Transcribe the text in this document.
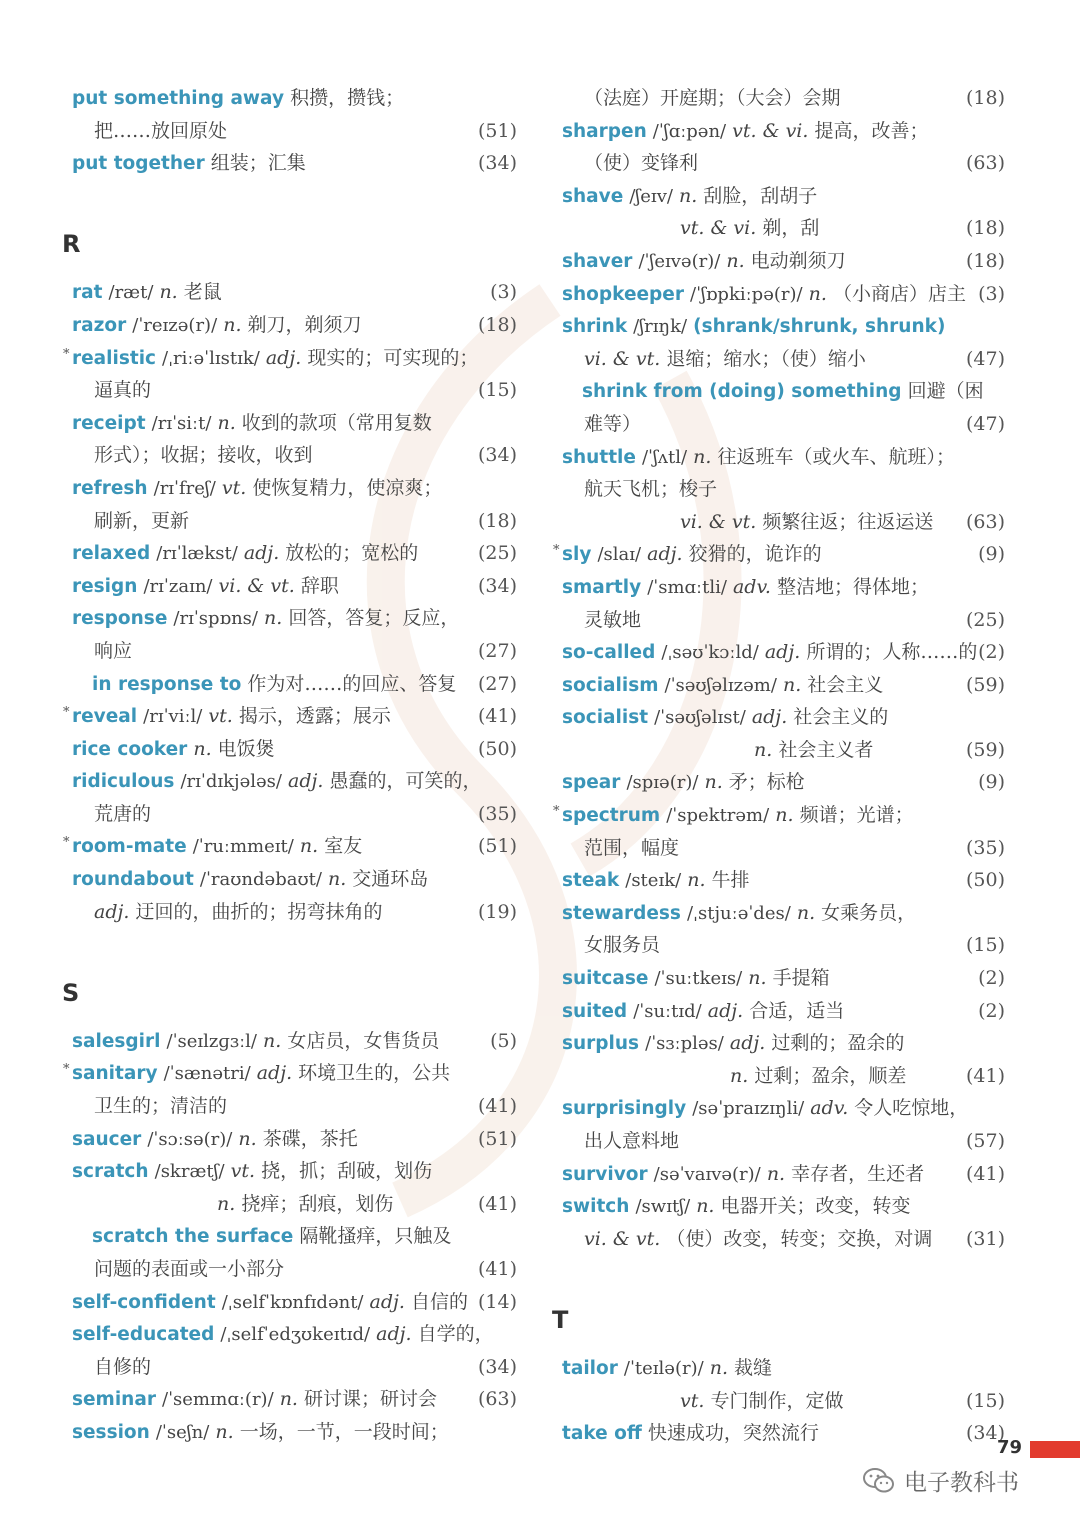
put something away 积攒，攒钱；
把……放回原处	(51)
put together 组装；汇集	(34)
R
rat /ræt/ n. 老鼠	(3)
razor /ˈreɪzə(r)/ n. 剃刀，剃须刀	(18)
realistic /ˌriːəˈlɪstɪk/ adj. 现实的；可实现的；
*
逼真的	(15)
receipt /rɪˈsiːt/ n. 收到的款项（常用复数
形式）；收据；接收，收到	(34)
refresh /rɪˈfreʃ/ vt. 使恢复精力，使凉爽；
刷新，更新	(18)
relaxed /rɪˈlækst/ adj. 放松的；宽松的	(25)
resign /rɪˈzaɪn/ vi. & vt. 辞职	(34)
response /rɪˈspɒns/ n. 回答，答复；反应，
响应	(27)
in response to 作为对……的回应、答复 (27)
reveal /rɪˈviːl/ vt. 揭示，透露；展示
*	(41)
rice cooker n. 电饭煲	(50)
ridiculous /rɪˈdɪkjələs/ adj. 愚蠢的，可笑的，
荒唐的	(35)
room-mate /ˈruːmmeɪt/ n. 室友
*	(51)
roundabout /ˈraʊndəbaʊt/ n. 交通环岛
adj. 迂回的，曲折的；拐弯抹角的	(19)
S
salesgirl /ˈseɪlzɡɜːl/ n. 女店员，女售货员	(5)
sanitary /ˈsænətri/ adj. 环境卫生的，公共
*
卫生的；清洁的	(41)
saucer /ˈsɔːsə(r)/ n. 茶碟，茶托	(51)
scratch /skrætʃ/ vt. 挠，抓；刮破，划伤
n. 挠痒；刮痕，划伤	(41)
scratch the surface 隔靴搔痒，只触及
问题的表面或一小部分	(41)
self-confident /ˌselfˈkɒnfɪdənt/ adj. 自信的 (14)
self-educated /ˌselfˈedʒʊkeɪtɪd/ adj. 自学的，
自修的	(34)
seminar /ˈsemɪnɑː(r)/ n. 研讨课；研讨会 (63)
session /ˈseʃn/ n. 一场，一节，一段时间；
（法庭）开庭期；（大会）会期	(18)
sharpen /ˈʃɑːpən/ vt. & vi. 提高，改善；
（使）变锋利	(63)
shave /ʃeɪv/ n. 刮脸，刮胡子
vt. & vi. 剃，刮	(18)
shaver /ˈʃeɪvə(r)/ n. 电动剃须刀	(18)
shopkeeper /ˈʃɒpkiːpə(r)/ n. （小商店）店主 (3)
shrink /ʃrɪŋk/ (shrank/shrunk, shrunk)
vi. & vt. 退缩；缩水；（使）缩小	(47)
shrink from (doing) something 回避（困
难等）	(47)
shuttle /ˈʃʌtl/ n. 往返班车（或火车、航班）；
航天飞机；梭子
vi. & vt. 频繁往返；往返运送 (63)
sly /slaɪ/ adj. 狡猾的，诡诈的
*	(9)
smartly /ˈsmɑːtli/ adv. 整洁地；得体地；
灵敏地	(25)
so-called /ˌsəʊˈkɔːld/ adj. 所谓的；人称……的 (2)
socialism /ˈsəʊʃəlɪzəm/ n. 社会主义	(59)
socialist /ˈsəʊʃəlɪst/ adj. 社会主义的
n. 社会主义者	(59)
spear /spɪə(r)/ n. 矛；标枪	(9)
spectrum /ˈspektrəm/ n. 频谱；光谱；
*
范围，幅度	(35)
steak /steɪk/ n. 牛排	(50)
stewardess /ˌstjuːəˈdes/ n. 女乘务员，
女服务员	(15)
suitcase /ˈsuːtkeɪs/ n. 手提箱	(2)
suited /ˈsuːtɪd/ adj. 合适，适当	(2)
surplus /ˈsɜːpləs/ adj. 过剩的；盈余的
n. 过剩；盈余，顺差	(41)
surprisingly /səˈpraɪzɪŋli/ adv. 令人吃惊地，
出人意料地	(57)
survivor /səˈvaɪvə(r)/ n. 幸存者，生还者 (41)
switch /swɪtʃ/ n. 电器开关；改变，转变
vi. & vt. （使）改变，转变；交换，对调 (31)
T
tailor /ˈteɪlə(r)/ n. 裁缝
vt. 专门制作，定做	(15)
take off 快速成功，突然流行	(34)
79
电子教科书
